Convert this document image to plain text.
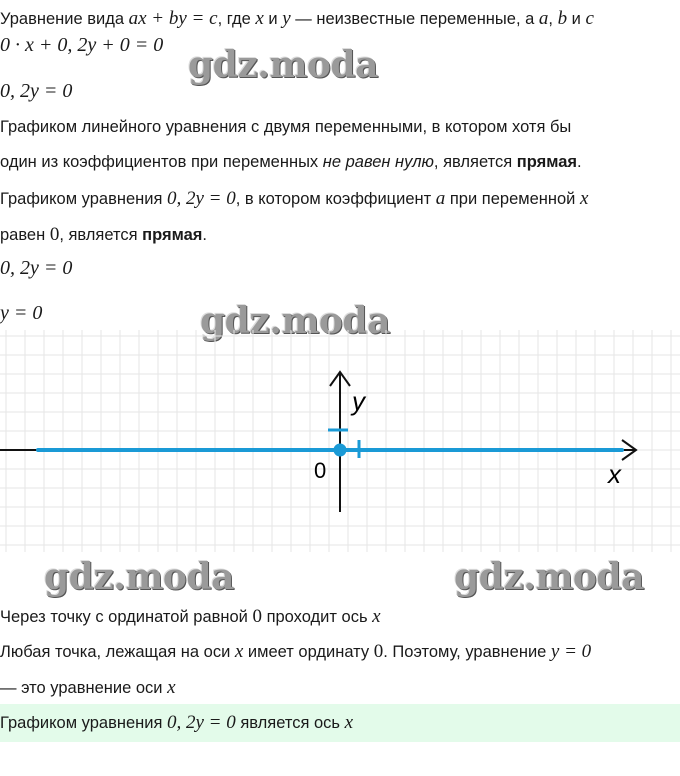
Уравнение вида ax + by = c, где x и y — неизвестные переменные, а a, b и c
0 · x + 0, 2y + 0 = 0 gdz.moda
0, 2y = 0
Графиком линейного уравнения с двумя переменными, в котором хотя бы
один из коэффициентов при переменных не равен нулю, является прямая.
Графиком уравнения 0, 2y = 0, в котором коэффициент a при переменной x
равен 0, является прямая.
0, 2y = 0
y = 0	gdz.moda
y
x
0
gdz.moda	gdz.moda
Через точку с ординатой равной 0 проходит ось x
Любая точка, лежащая на оси x имеет ординату 0. Поэтому, уравнение y = 0
— это уравнение оси x
Графиком уравнения 0, 2y = 0 является ось x
